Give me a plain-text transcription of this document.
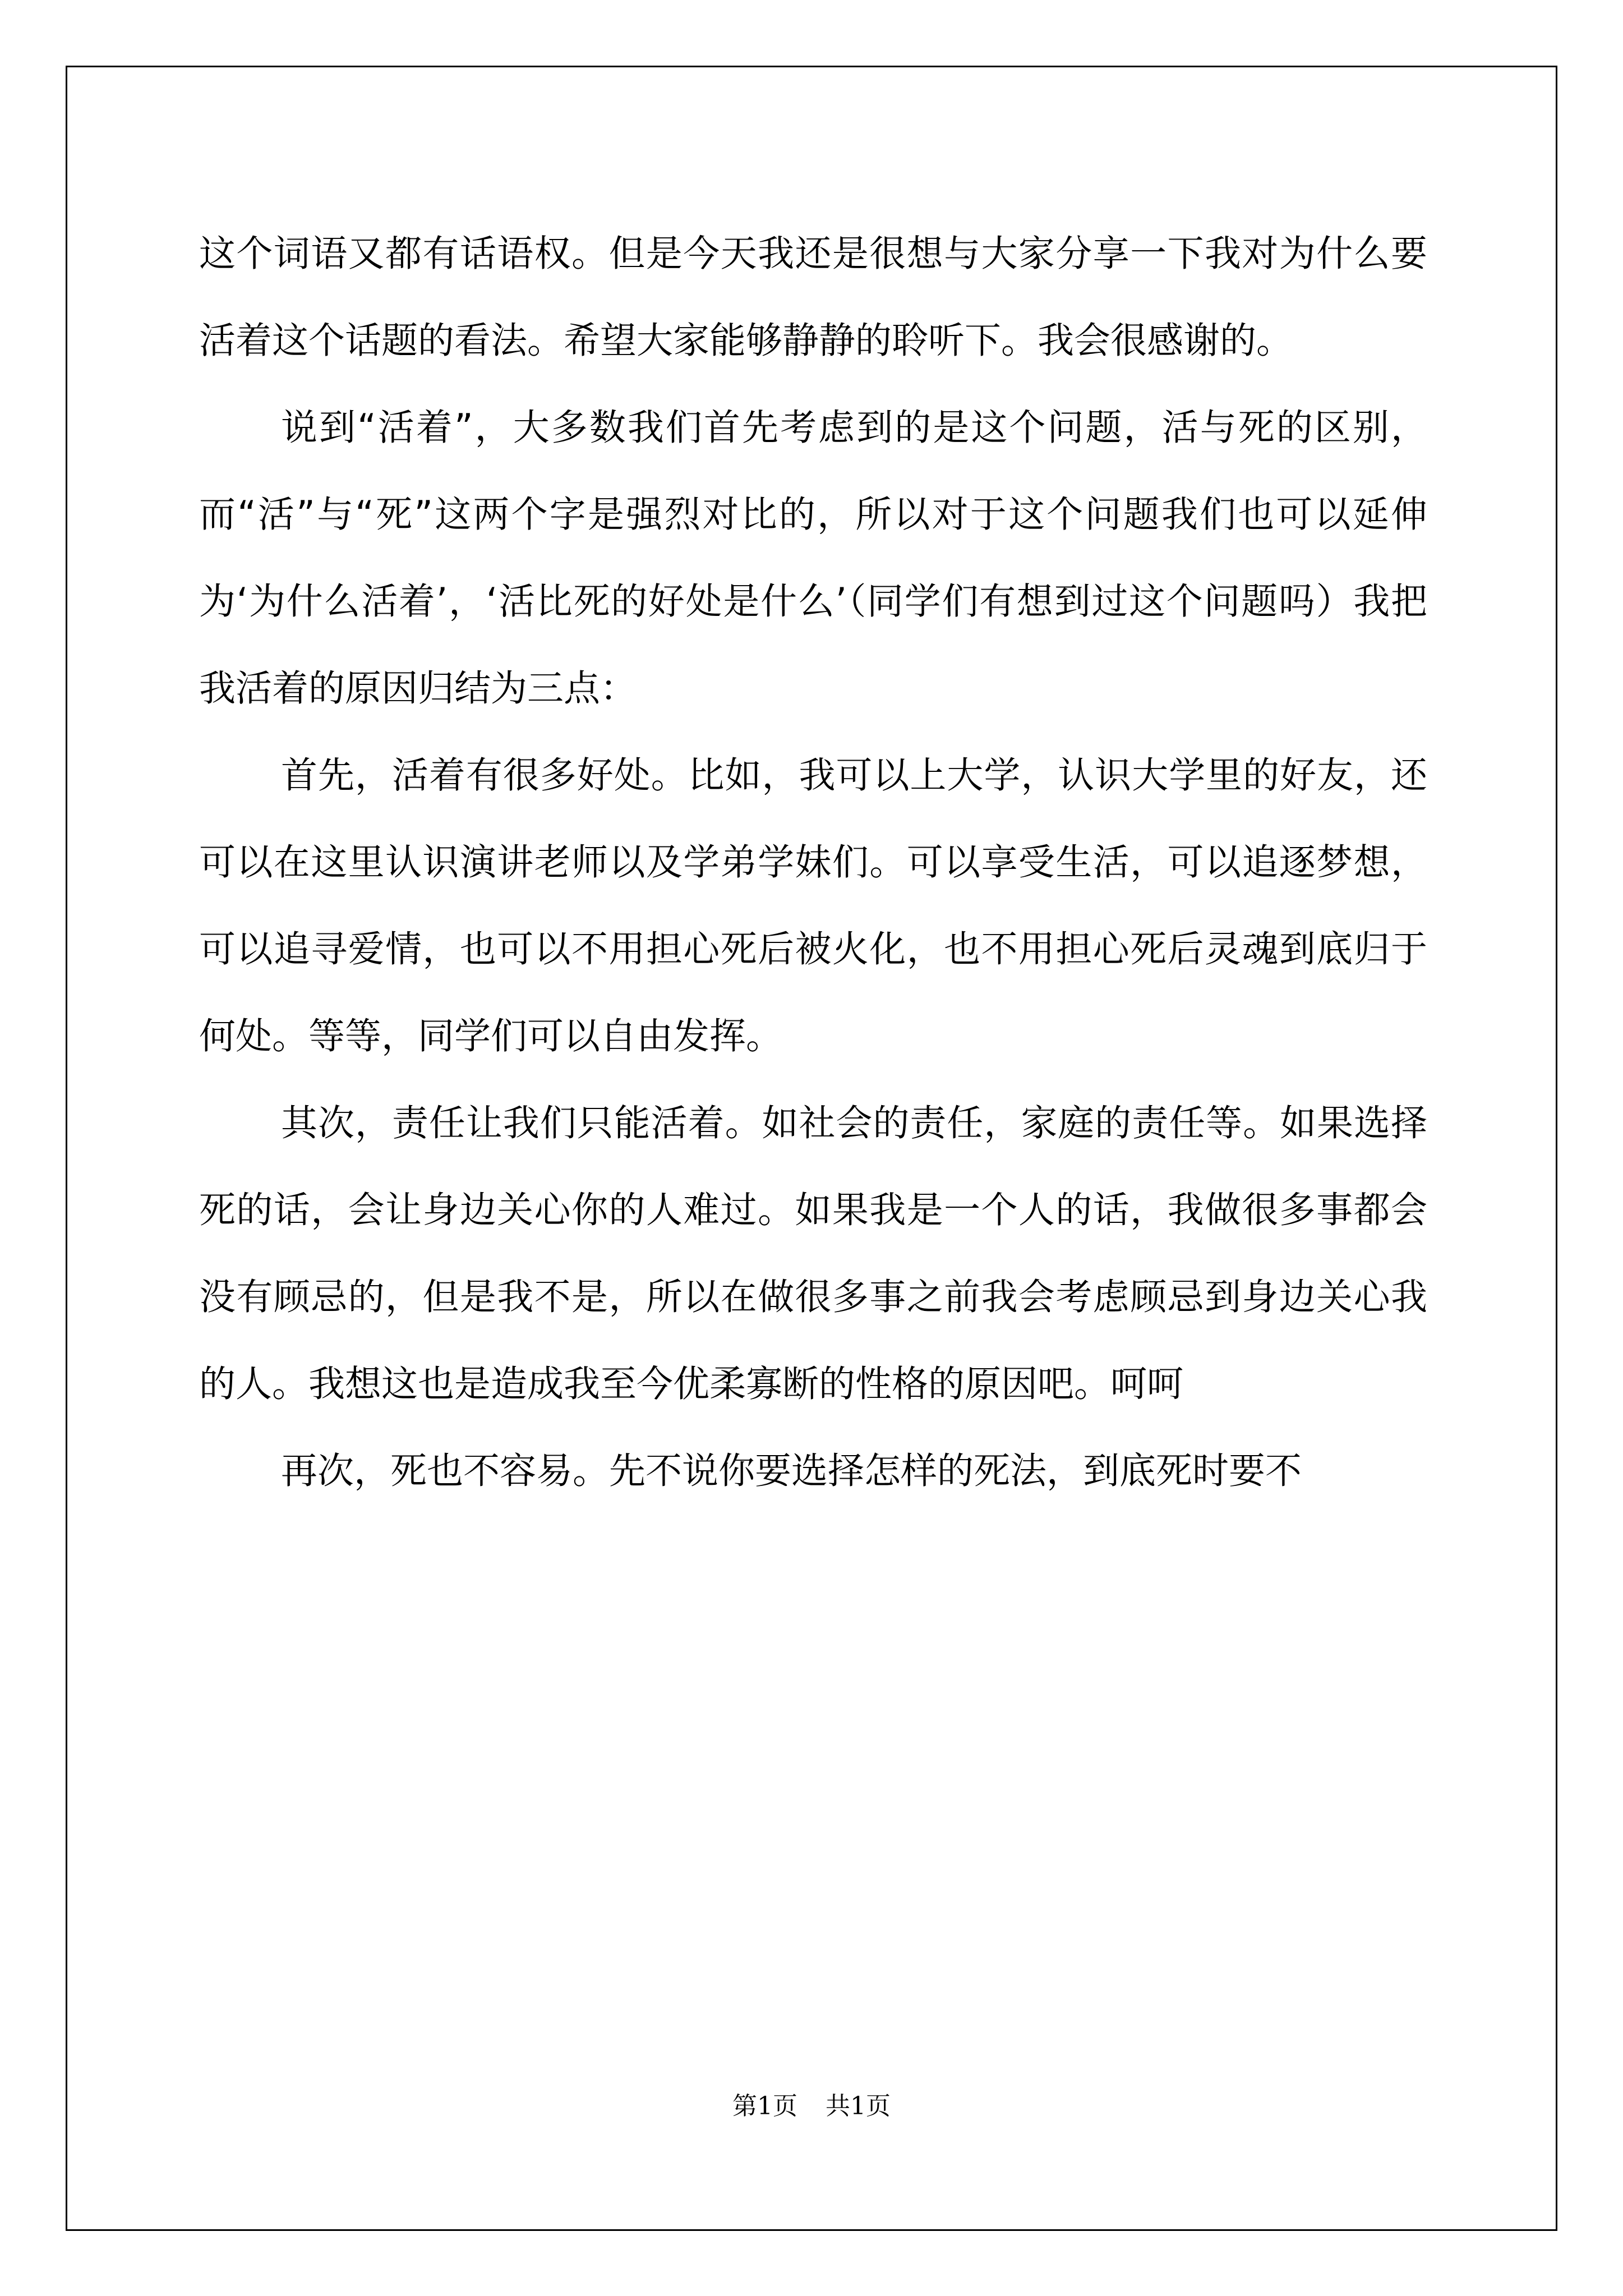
这个词语又都有话语权。但是今天我还是很想与大家分享一下我对为什么要活着这个话题的看法。希望大家能够静静的聆听下。我会很感谢的。

说到“活着”，大多数我们首先考虑到的是这个问题，活与死的区别，而“活”与“死”这两个字是强烈对比的，所以对于这个问题我们也可以延伸为‘为什么活着’，‘活比死的好处是什么’（同学们有想到过这个问题吗）我把我活着的原因归结为三点：

首先，活着有很多好处。比如，我可以上大学，认识大学里的好友，还可以在这里认识演讲老师以及学弟学妹们。可以享受生活，可以追逐梦想，可以追寻爱情，也可以不用担心死后被火化，也不用担心死后灵魂到底归于何处。等等，同学们可以自由发挥。

其次，责任让我们只能活着。如社会的责任，家庭的责任等。如果选择死的话，会让身边关心你的人难过。如果我是一个人的话，我做很多事都会没有顾忌的，但是我不是，所以在做很多事之前我会考虑顾忌到身边关心我的人。我想这也是造成我至今优柔寡断的性格的原因吧。呵呵

再次，死也不容易。先不说你要选择怎样的死法，到底死时要不

第1页 共1页
